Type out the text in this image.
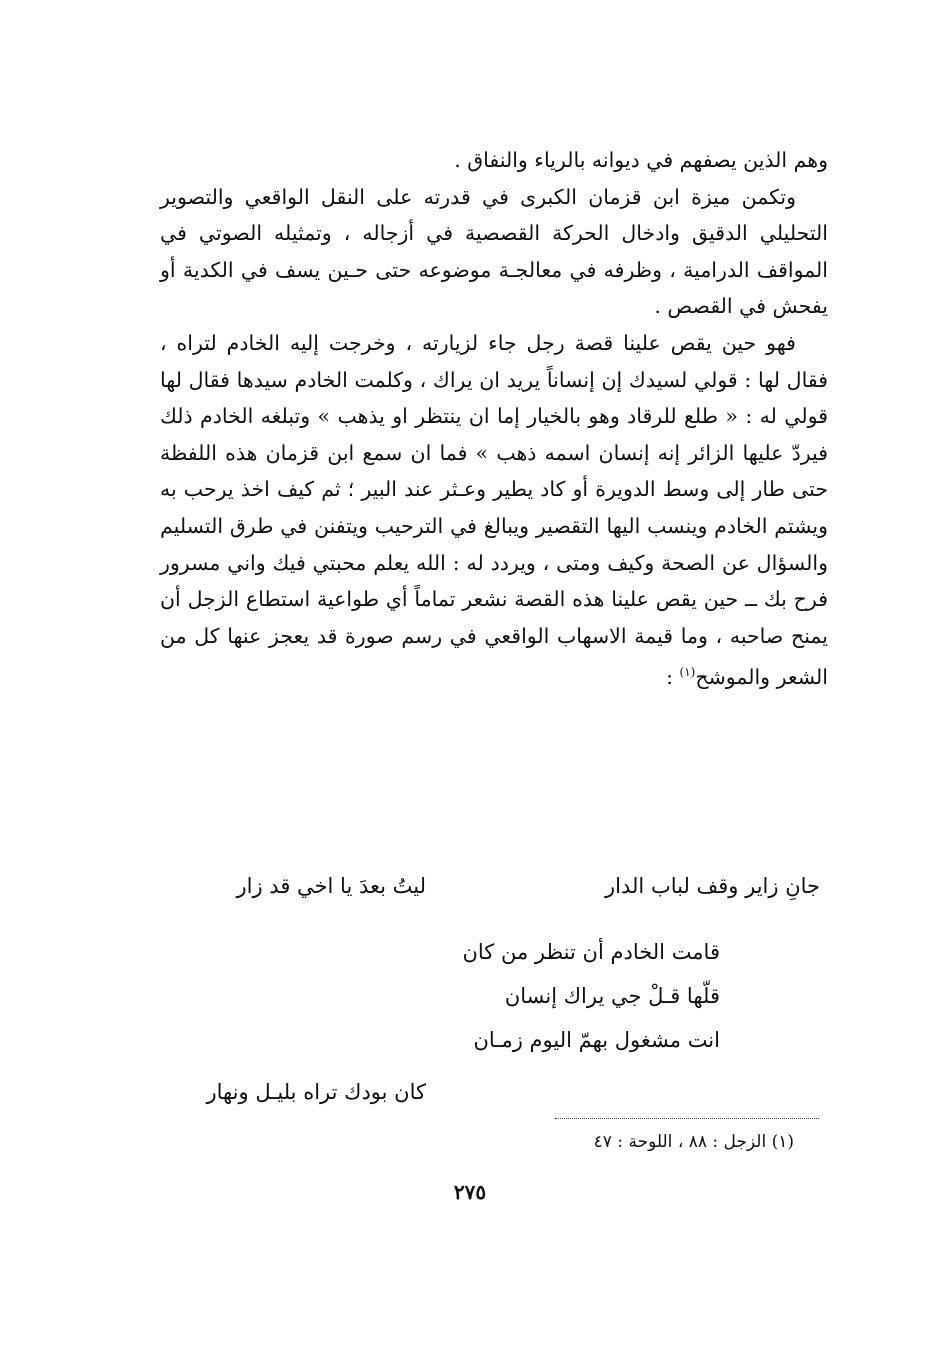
وهم الذين يصفهم في ديوانه بالرياء والنفاق .

وتكمن ميزة ابن قزمان الكبرى في قدرته على النقل الواقعي والتصوير التحليلي الدقيق وادخال الحركة القصصية في أزجاله ، وتمثيله الصوتي في المواقف الدرامية ، وظرفه في معالجـة موضوعه حتى حـين يسف في الكدية أو يفحش في القصص .

فهو حين يقص علينا قصة رجل جاء لزيارته ، وخرجت إليه الخادم لتراه ، فقال لها : قولي لسيدك إن إنساناً يريد ان يراك ، وكلمت الخادم سيدها فقال لها قولي له : « طلع للرقاد وهو بالخيار إما ان ينتظر او يذهب » وتبلغه الخادم ذلك فيردّ عليها الزائر إنه إنسان اسمه ذهب » فما ان سمع ابن قزمان هذه اللفظة حتى طار إلى وسط الدويرة أو كاد يطير وعـثر عند البير ؛ ثم كيف اخذ يرحب به ويشتم الخادم وينسب اليها التقصير ويبالغ في الترحيب ويتفنن في طرق التسليم والسؤال عن الصحة وكيف ومتى ، ويردد له : الله يعلم محبتي فيك واني مسرور فرح بك ــ حين يقص علينا هذه القصة نشعر تماماً أي طواعية استطاع الزجل أن يمنح صاحبه ، وما قيمة الاسهاب الواقعي في رسم صورة قد يعجز عنها كل من الشعر والموشح$^{(١)}$ :

جانِ زاير وقف لباب الدار
ليتُ بعدَ يا اخي قد زار
قامت الخادم أن تنظر من كان
قلّها قـلْ جي يراك إنسان
انت مشغول بهمّ اليوم زمـان
كان بودك تراه بليـل ونهار
(١) الزجل : ٨٨ ، اللوحة : ٤٧
٢٧٥
